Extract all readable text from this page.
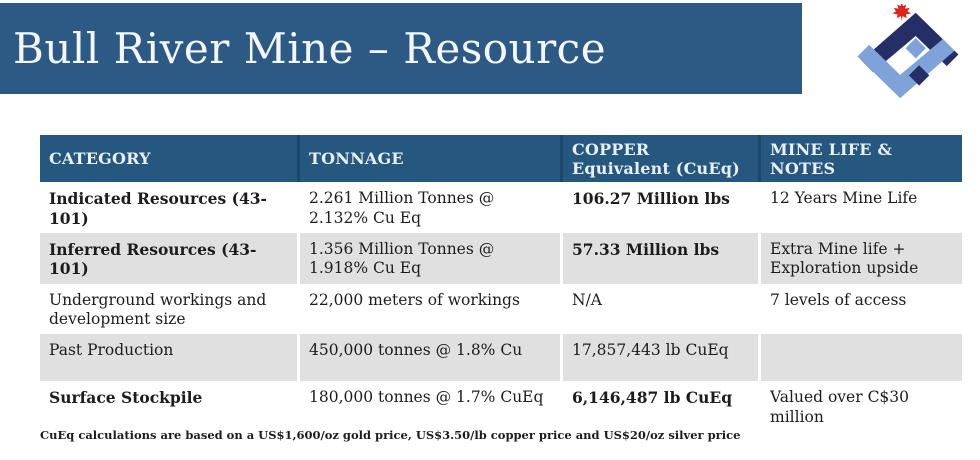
Bull River Mine – Resource
CATEGORY	TONNAGE	COPPER Equivalent (CuEq)	MINE LIFE & NOTES
Indicated Resources (43-101)	2.261 Million Tonnes @ 2.132% Cu Eq	106.27 Million lbs	12 Years Mine Life
Inferred Resources (43-101)	1.356 Million Tonnes @ 1.918% Cu Eq	57.33 Million lbs	Extra Mine life + Exploration upside
Underground workings and development size	22,000 meters of workings	N/A	7 levels of access
Past Production	450,000 tonnes @ 1.8% Cu	17,857,443 lb CuEq	
Surface Stockpile	180,000 tonnes @ 1.7% CuEq	6,146,487 lb CuEq	Valued over C$30 million
CuEq calculations are based on a US$1,600/oz gold price, US$3.50/lb copper price and US$20/oz silver price
